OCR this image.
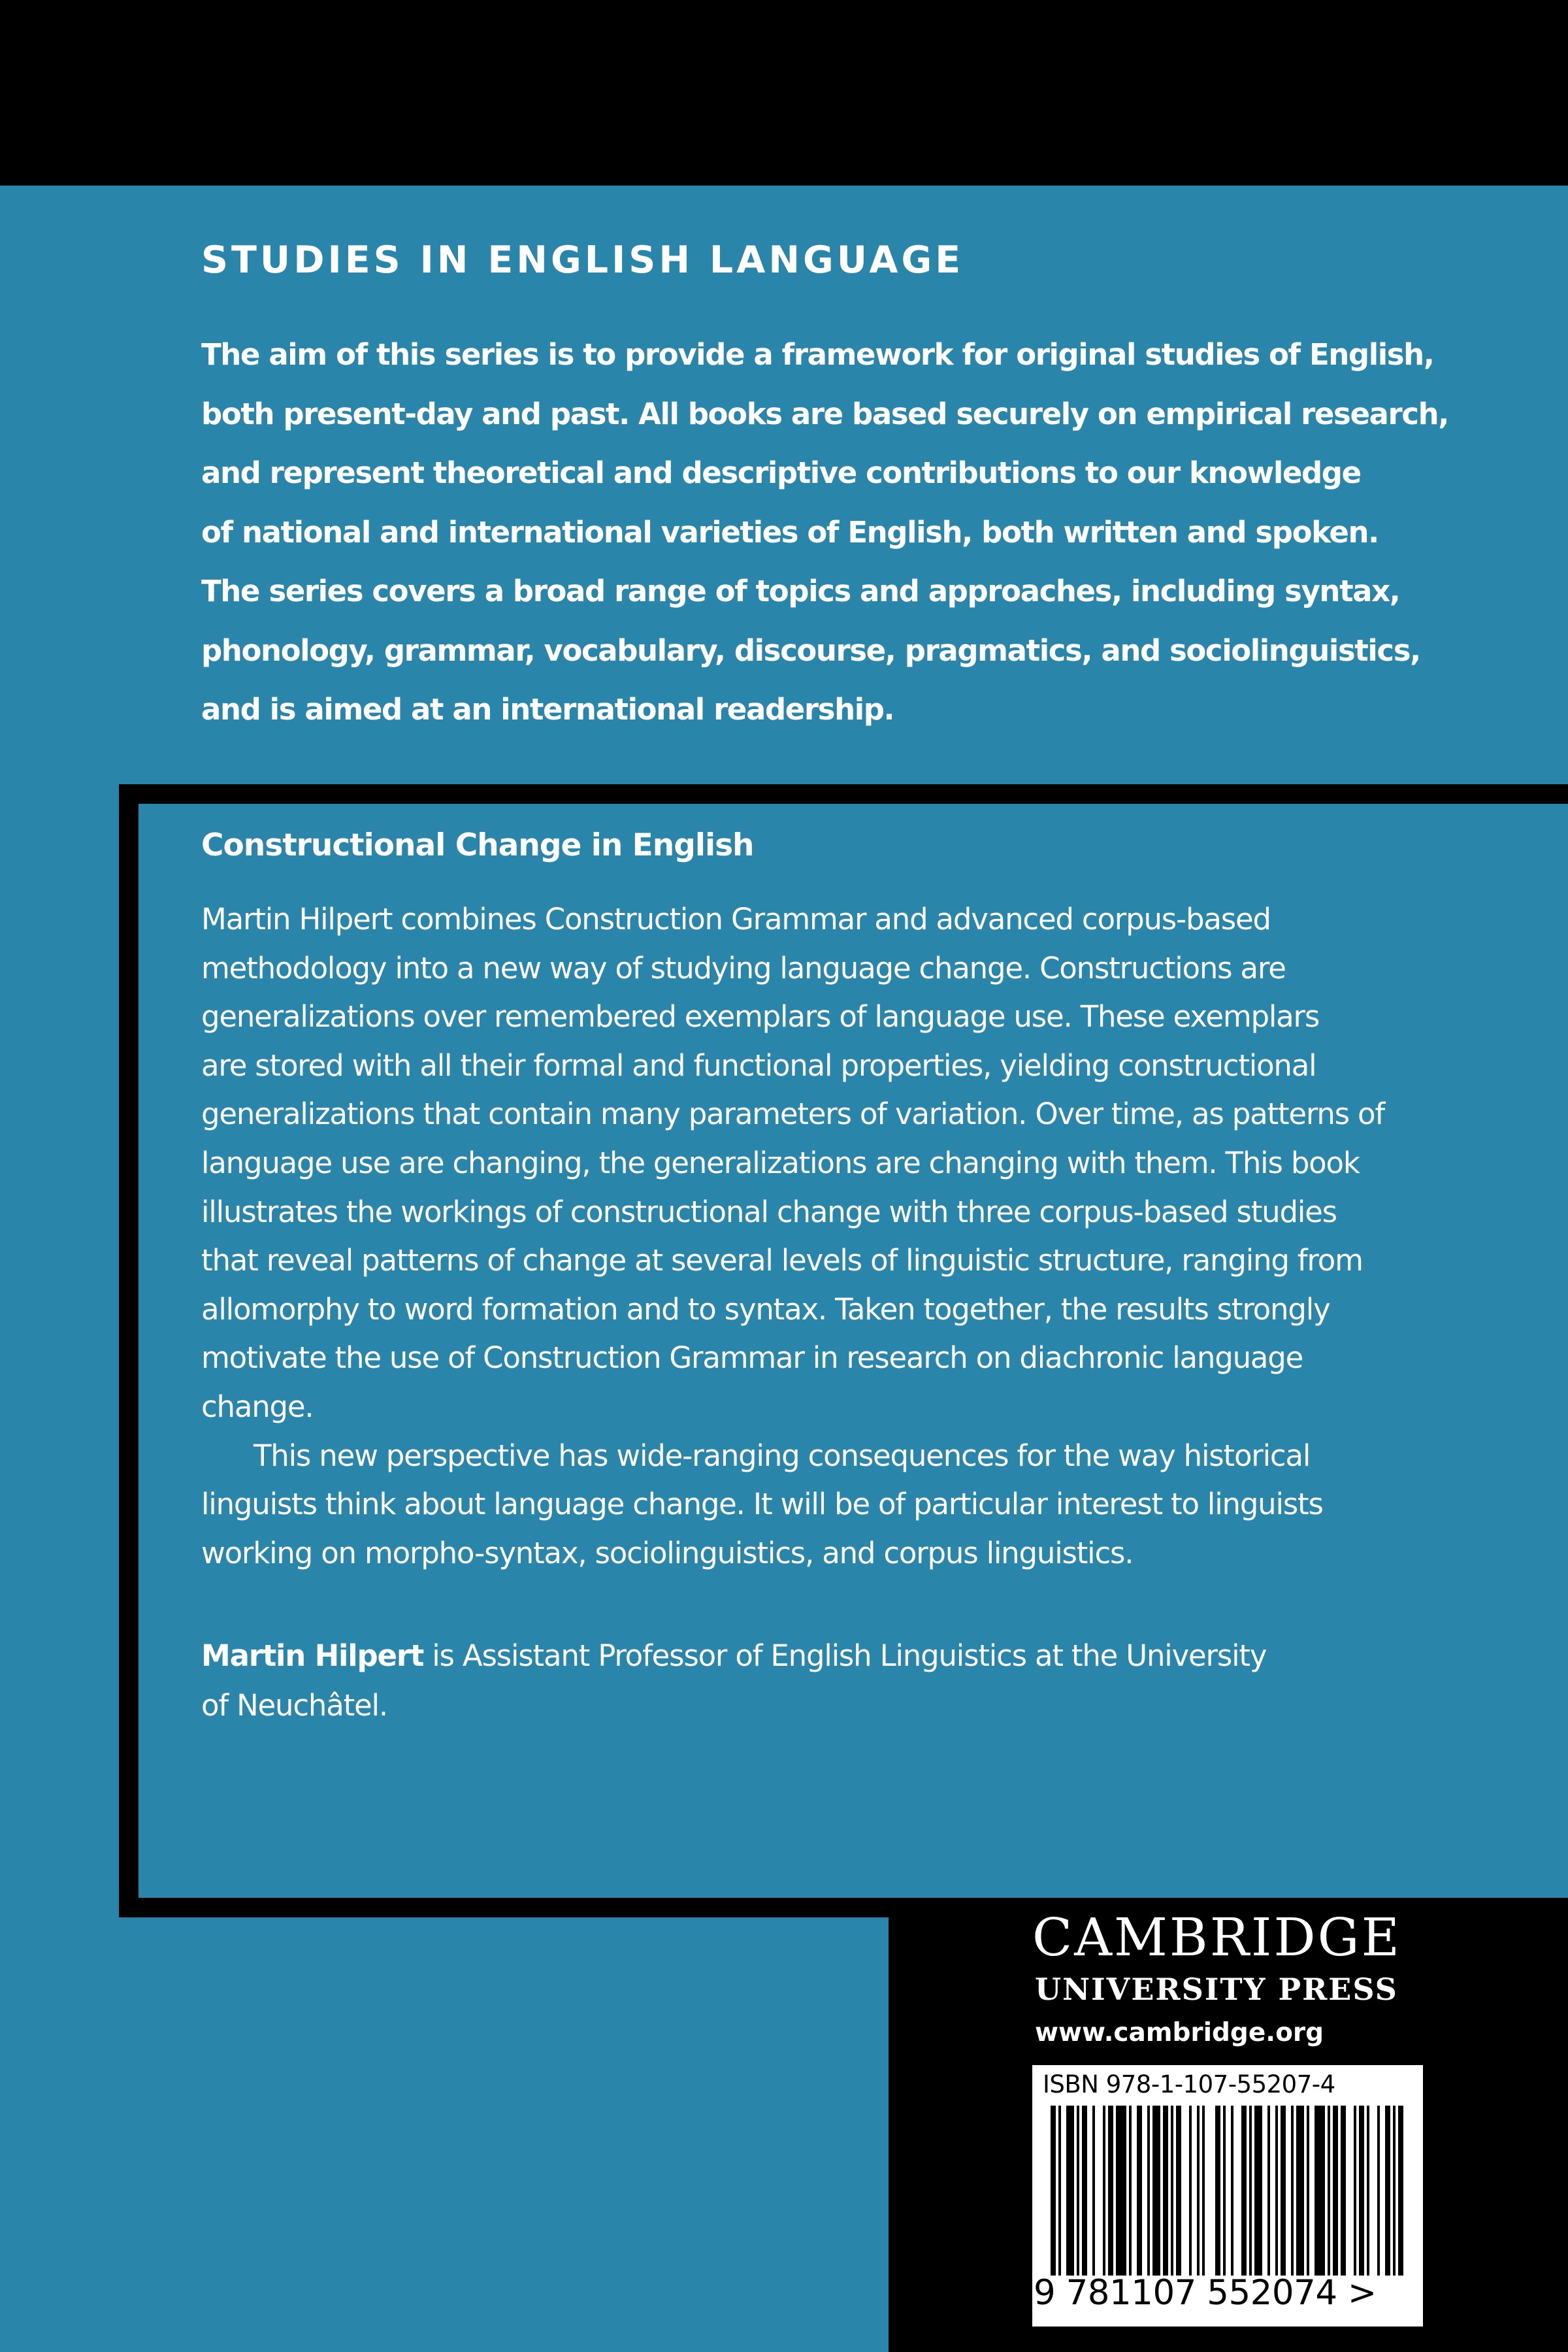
STUDIES IN ENGLISH LANGUAGE
The aim of this series is to provide a framework for original studies of English,
both present-day and past. All books are based securely on empirical research,
and represent theoretical and descriptive contributions to our knowledge
of national and international varieties of English, both written and spoken.
The series covers a broad range of topics and approaches, including syntax,
phonology, grammar, vocabulary, discourse, pragmatics, and sociolinguistics,
and is aimed at an international readership.
Constructional Change in English
Martin Hilpert combines Construction Grammar and advanced corpus-based
methodology into a new way of studying language change. Constructions are
generalizations over remembered exemplars of language use. These exemplars
are stored with all their formal and functional properties, yielding constructional
generalizations that contain many parameters of variation. Over time, as patterns of
language use are changing, the generalizations are changing with them. This book
illustrates the workings of constructional change with three corpus-based studies
that reveal patterns of change at several levels of linguistic structure, ranging from
allomorphy to word formation and to syntax. Taken together, the results strongly
motivate the use of Construction Grammar in research on diachronic language
change.
This new perspective has wide-ranging consequences for the way historical
linguists think about language change. It will be of particular interest to linguists
working on morpho-syntax, sociolinguistics, and corpus linguistics.
Martin Hilpert is Assistant Professor of English Linguistics at the University
of Neuchâtel.
CAMBRIDGE
UNIVERSITY PRESS
www.cambridge.org
ISBN 978-1-107-55207-4
9 781107 552074 >
